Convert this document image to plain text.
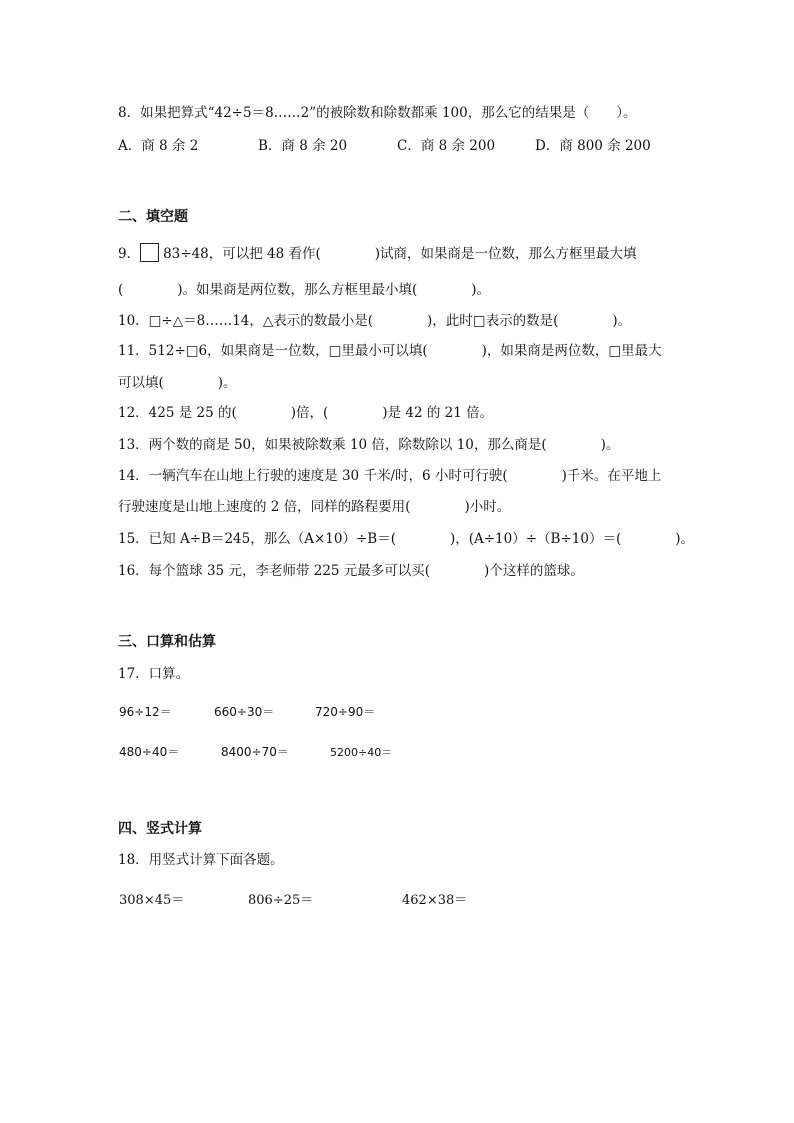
8．如果把算式“42÷5＝8……2”的被除数和除数都乘 100，那么它的结果是（　　）。
A．商 8 余 2	B．商 8 余 20	C．商 8 余 200	D．商 800 余 200
二、填空题
9． 83÷48，可以把 48 看作(　　　　)试商，如果商是一位数，那么方框里最大填
(　　　　)。如果商是两位数，那么方框里最小填(　　　　)。
10．□÷△＝8……14，△表示的数最小是(　　　　)，此时□表示的数是(　　　　)。
11．512÷□6，如果商是一位数，□里最小可以填(　　　　)，如果商是两位数，□里最大
可以填(　　　　)。
12．425 是 25 的(　　　　)倍，(　　　　)是 42 的 21 倍。
13．两个数的商是 50，如果被除数乘 10 倍，除数除以 10，那么商是(　　　　)。
14．一辆汽车在山地上行驶的速度是 30 千米/时，6 小时可行驶(　　　　)千米。在平地上
行驶速度是山地上速度的 2 倍，同样的路程要用(　　　　)小时。
15．已知 A÷B＝245，那么（A×10）÷B＝(　　　　)，(A÷10）÷（B÷10）＝(　　　　)。
16．每个篮球 35 元，李老师带 225 元最多可以买(　　　　)个这样的篮球。
三、口算和估算
17．口算。
96÷12＝	660÷30＝	720÷90＝
480÷40＝	8400÷70＝	5200÷40＝
四、竖式计算
18．用竖式计算下面各题。
308×45＝	806÷25＝	462×38＝
